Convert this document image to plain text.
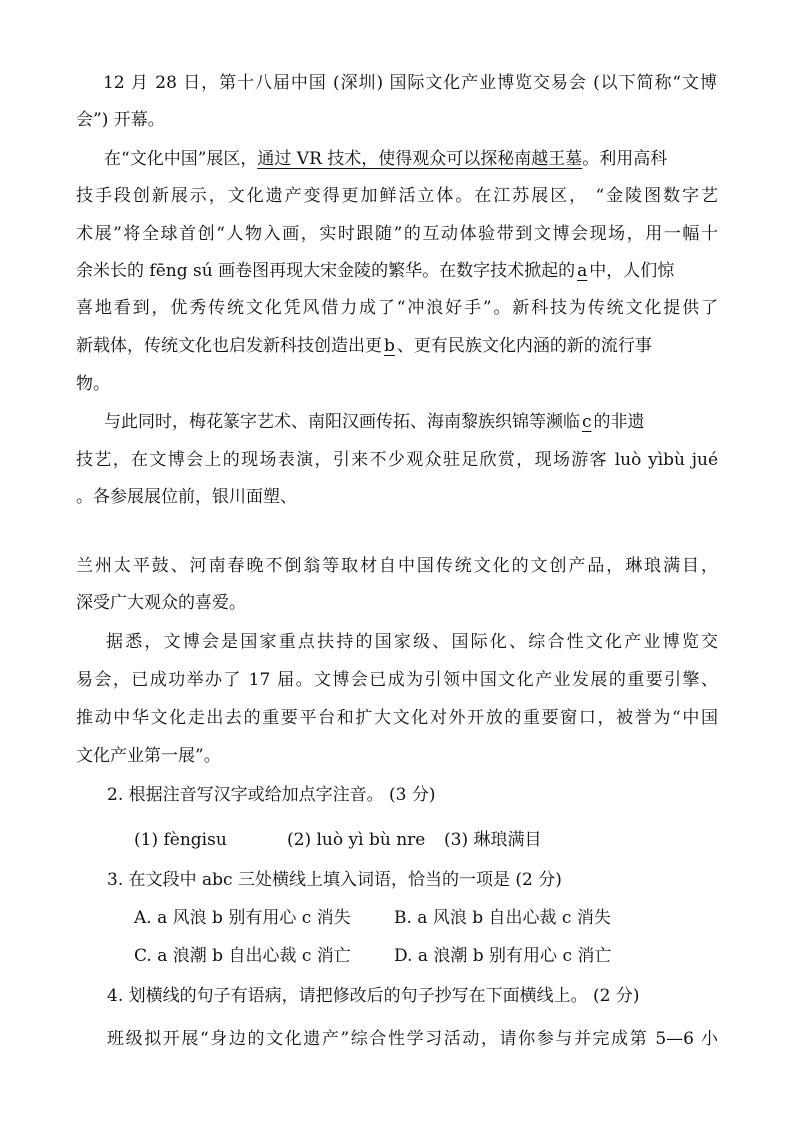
12 月 28 日，第十八届中国 (深圳) 国际文化产业博览交易会 (以下简称“文博
会”) 开幕。
在“文化中国”展区，通过 VR 技术，使得观众可以探秘南越王墓。利用高科
技手段创新展示，文化遗产变得更加鲜活立体。在江苏展区， “金陵图数字艺
术展”将全球首创“人物入画，实时跟随”的互动体验带到文博会现场，用一幅十
余米长的 fēng sú 画卷图再现大宋金陵的繁华。在数字技术掀起的 a 中，人们惊
喜地看到，优秀传统文化凭风借力成了“冲浪好手”。新科技为传统文化提供了
新载体，传统文化也启发新科技创造出更 b 、更有民族文化内涵的新的流行事
物。
与此同时，梅花篆字艺术、南阳汉画传拓、海南黎族织锦等濒临 c 的非遗
技艺，在文博会上的现场表演，引来不少观众驻足欣赏，现场游客 luò yìbù jué
。各参展展位前，银川面塑、
兰州太平鼓、河南春晚不倒翁等取材自中国传统文化的文创产品，琳琅满目，
深受广大观众的喜爱。
据悉，文博会是国家重点扶持的国家级、国际化、综合性文化产业博览交
易会，已成功举办了 17 届。文博会已成为引领中国文化产业发展的重要引擎、
推动中华文化走出去的重要平台和扩大文化对外开放的重要窗口，被誉为“中国
文化产业第一展”。
2. 根据注音写汉字或给加点字注音。 (3 分)
(1) fèngisu	(2) luò yì bù nre (3) 琳琅满目
3. 在文段中 abc 三处横线上填入词语，恰当的一项是 (2 分)
A. a 风浪 b 别有用心 c 消失	B. a 风浪 b 自出心裁 c 消失
C. a 浪潮 b 自出心裁 c 消亡	D. a 浪潮 b 别有用心 c 消亡
4. 划横线的句子有语病，请把修改后的句子抄写在下面横线上。 (2 分)
班级拟开展“身边的文化遗产”综合性学习活动，请你参与并完成第 5—6 小
